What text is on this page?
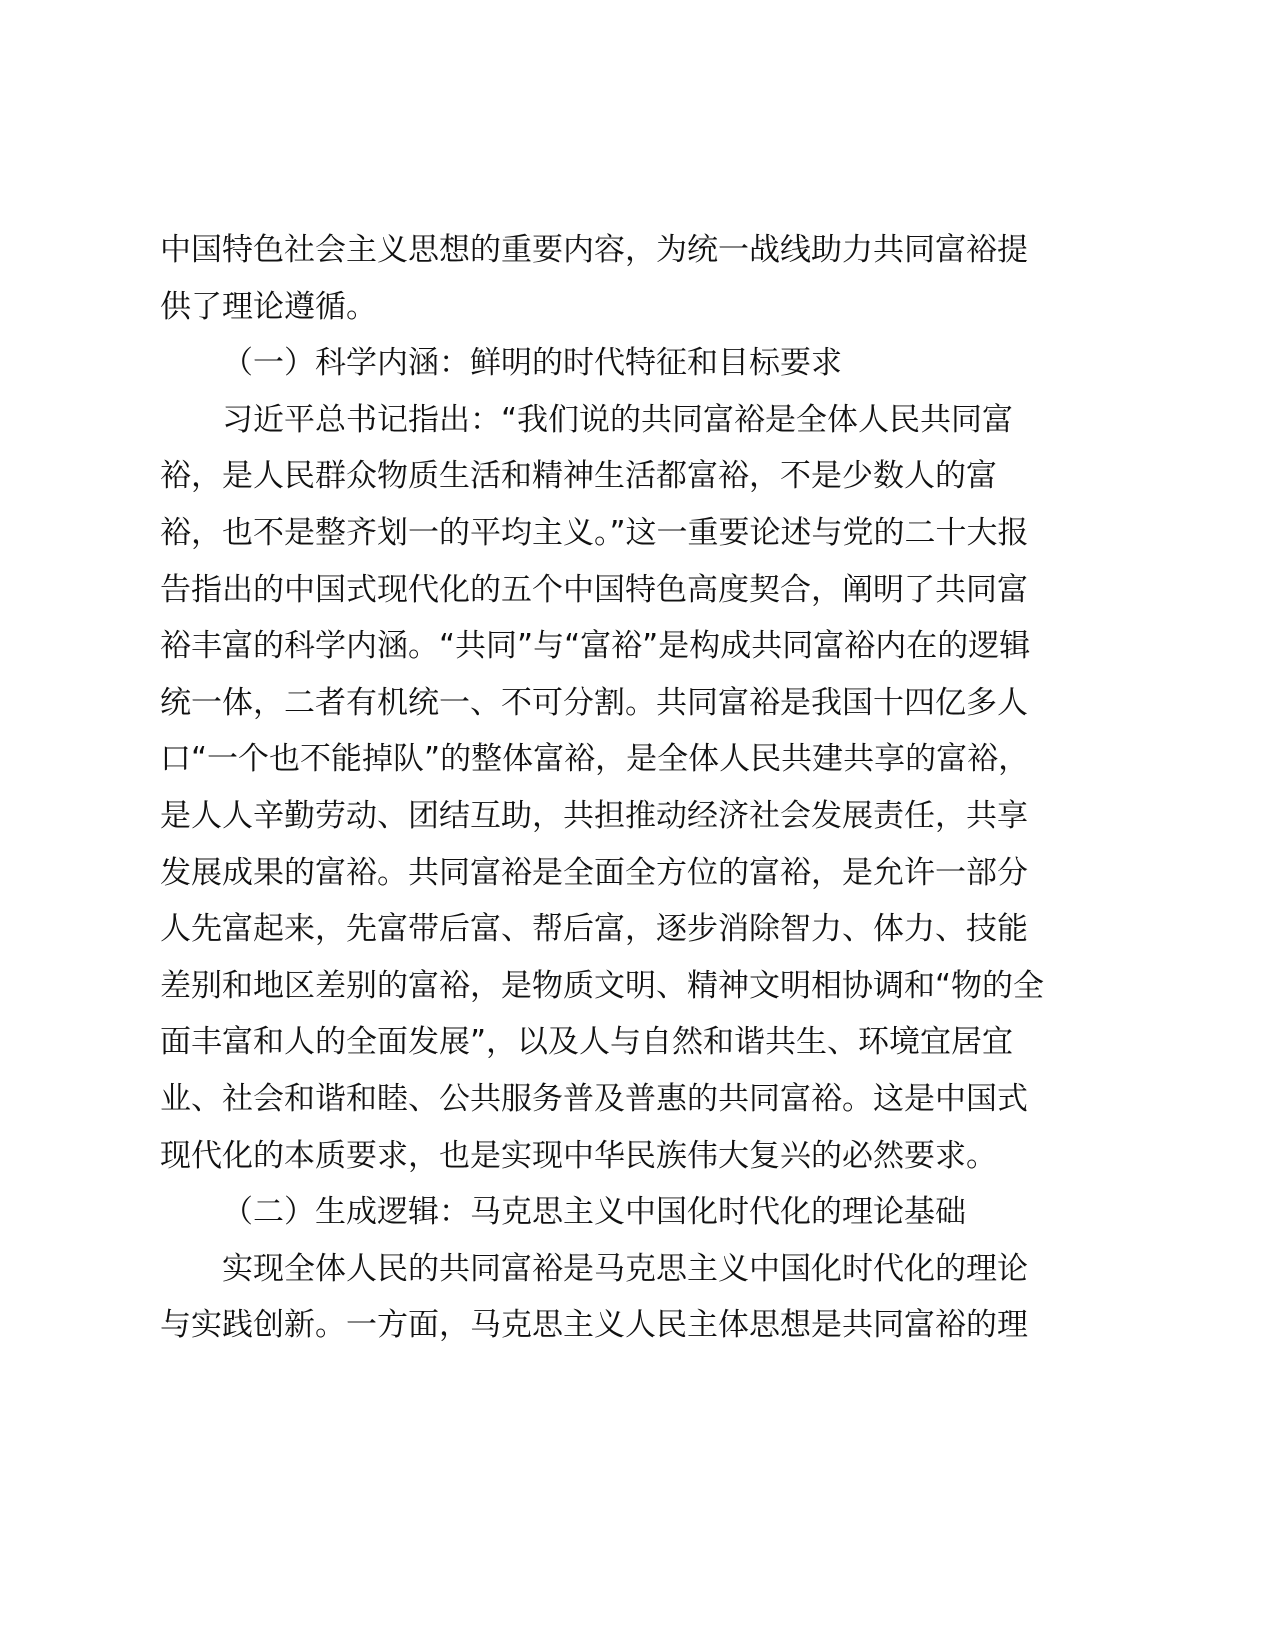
中国特色社会主义思想的重要内容，为统一战线助力共同富裕提
供了理论遵循。
（一）科学内涵：鲜明的时代特征和目标要求
习近平总书记指出：“我们说的共同富裕是全体人民共同富
裕，是人民群众物质生活和精神生活都富裕，不是少数人的富
裕，也不是整齐划一的平均主义。”这一重要论述与党的二十大报
告指出的中国式现代化的五个中国特色高度契合，阐明了共同富
裕丰富的科学内涵。“共同”与“富裕”是构成共同富裕内在的逻辑
统一体，二者有机统一、不可分割。共同富裕是我国十四亿多人
口“一个也不能掉队”的整体富裕，是全体人民共建共享的富裕，
是人人辛勤劳动、团结互助，共担推动经济社会发展责任，共享
发展成果的富裕。共同富裕是全面全方位的富裕，是允许一部分
人先富起来，先富带后富、帮后富，逐步消除智力、体力、技能
差别和地区差别的富裕，是物质文明、精神文明相协调和“物的全
面丰富和人的全面发展”，以及人与自然和谐共生、环境宜居宜
业、社会和谐和睦、公共服务普及普惠的共同富裕。这是中国式
现代化的本质要求，也是实现中华民族伟大复兴的必然要求。
（二）生成逻辑：马克思主义中国化时代化的理论基础
实现全体人民的共同富裕是马克思主义中国化时代化的理论
与实践创新。一方面，马克思主义人民主体思想是共同富裕的理
